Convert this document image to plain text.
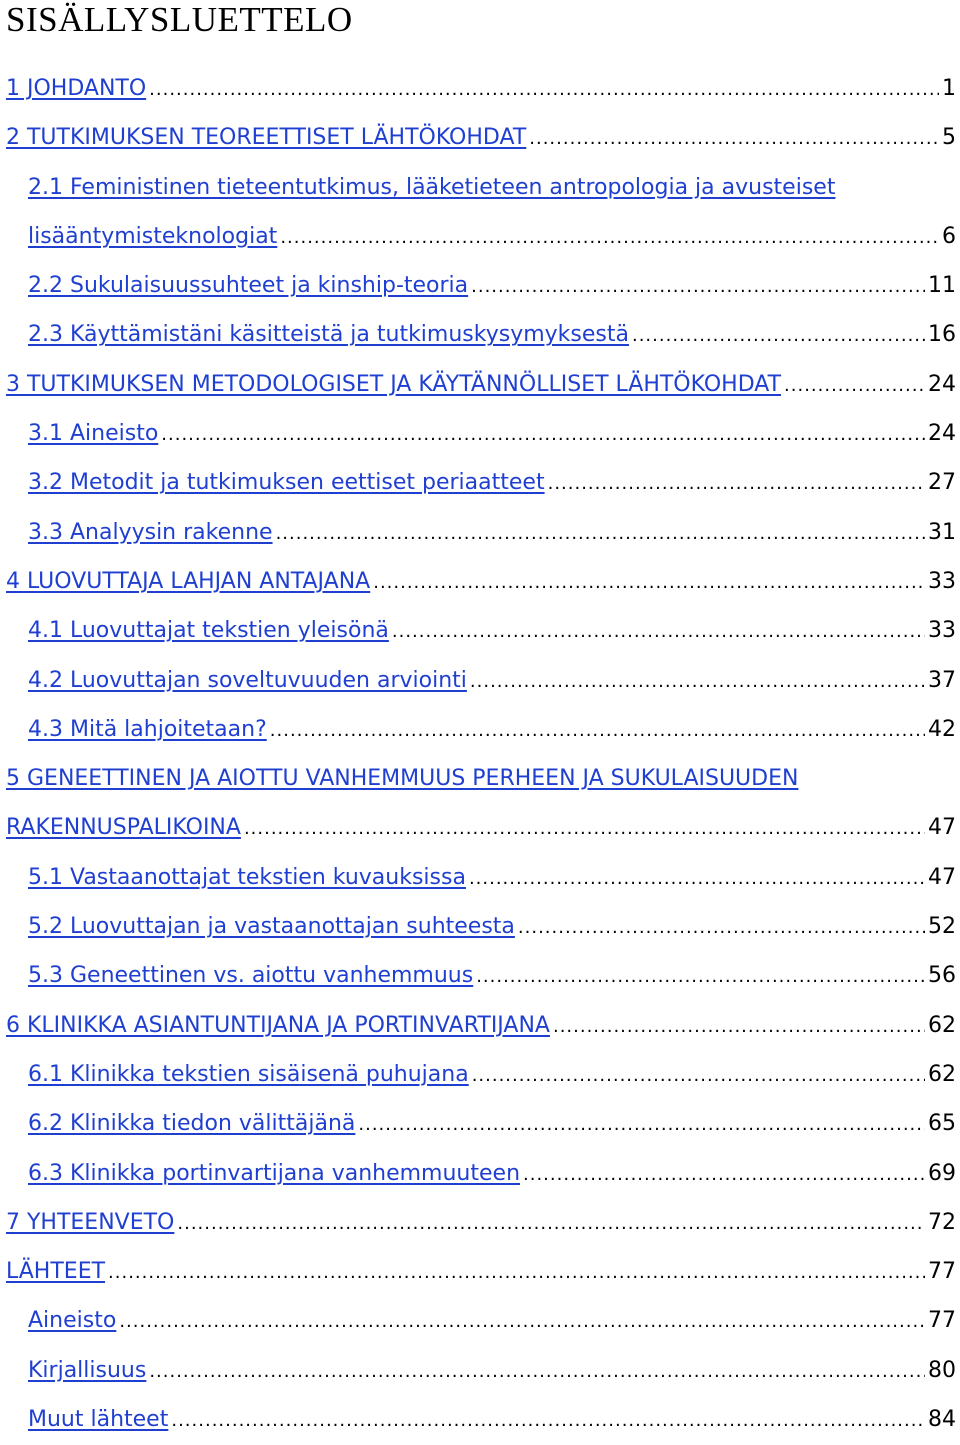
SISÄLLYSLUETTELO
1 JOHDANTO .....	1
2 TUTKIMUKSEN TEOREETTISET LÄHTÖKOHDAT .....	5
2.1 Feministinen tieteentutkimus, lääketieteen antropologia ja avusteiset
lisääntymisteknologiat .....	6
2.2 Sukulaisuussuhteet ja kinship-teoria .....	11
2.3 Käyttämistäni käsitteistä ja tutkimuskysymyksestä .....	16
3 TUTKIMUKSEN METODOLOGISET JA KÄYTÄNNÖLLISET LÄHTÖKOHDAT .....	24
3.1 Aineisto .....	24
3.2 Metodit ja tutkimuksen eettiset periaatteet .....	27
3.3 Analyysin rakenne .....	31
4 LUOVUTTAJA LAHJAN ANTAJANA .....	33
4.1 Luovuttajat tekstien yleisönä .....	33
4.2 Luovuttajan soveltuvuuden arviointi .....	37
4.3 Mitä lahjoitetaan? .....	42
5 GENEETTINEN JA AIOTTU VANHEMMUUS PERHEEN JA SUKULAISUUDEN
RAKENNUSPALIKOINA .....	47
5.1 Vastaanottajat tekstien kuvauksissa .....	47
5.2 Luovuttajan ja vastaanottajan suhteesta .....	52
5.3 Geneettinen vs. aiottu vanhemmuus .....	56
6 KLINIKKA ASIANTUNTIJANA JA PORTINVARTIJANA .....	62
6.1 Klinikka tekstien sisäisenä puhujana .....	62
6.2 Klinikka tiedon välittäjänä .....	65
6.3 Klinikka portinvartijana vanhemmuuteen .....	69
7 YHTEENVETO .....	72
LÄHTEET .....	77
Aineisto .....	77
Kirjallisuus .....	80
Muut lähteet .....	84
